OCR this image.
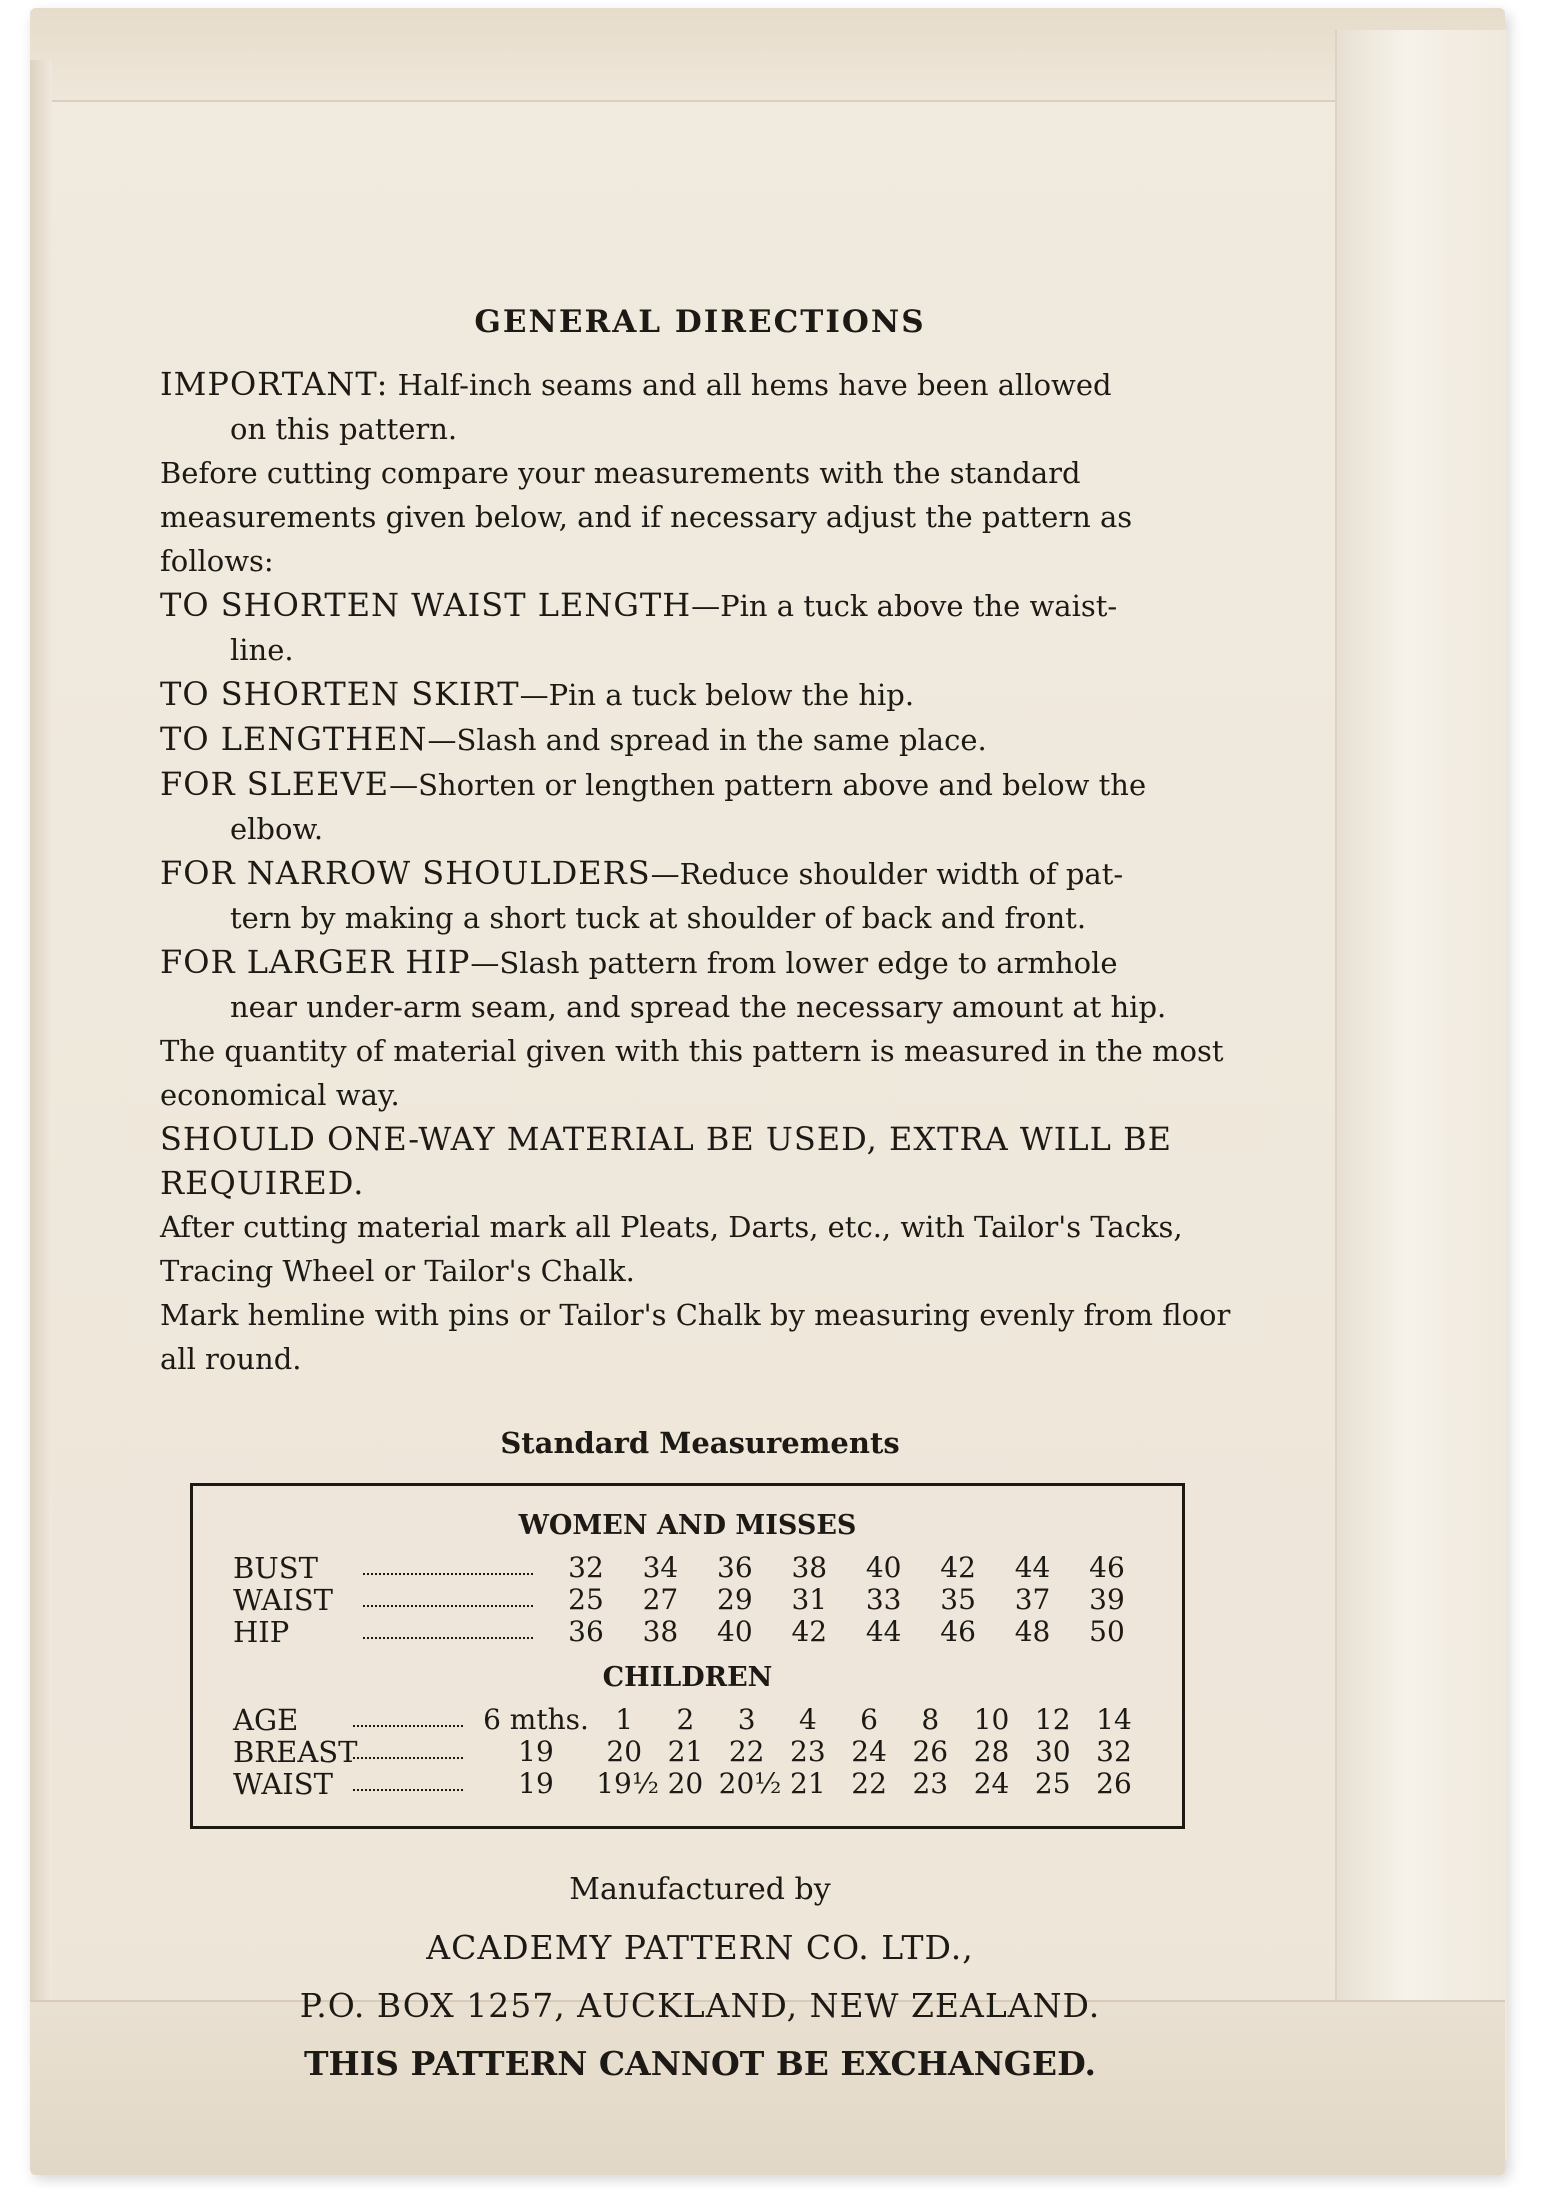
GENERAL DIRECTIONS

IMPORTANT: Half-inch seams and all hems have been allowed

on this pattern.

Before cutting compare your measurements with the standard measurements given below, and if necessary adjust the pattern as follows:

TO SHORTEN WAIST LENGTH—Pin a tuck above the waist-

line.

TO SHORTEN SKIRT—Pin a tuck below the hip.

TO LENGTHEN—Slash and spread in the same place.

FOR SLEEVE—Shorten or lengthen pattern above and below the

elbow.

FOR NARROW SHOULDERS—Reduce shoulder width of pat-

tern by making a short tuck at shoulder of back and front.

FOR LARGER HIP—Slash pattern from lower edge to armhole

near under-arm seam, and spread the necessary amount at hip.

The quantity of material given with this pattern is measured in the most economical way.

SHOULD ONE-WAY MATERIAL BE USED, EXTRA WILL BE REQUIRED.

After cutting material mark all Pleats, Darts, etc., with Tailor's Tacks, Tracing Wheel or Tailor's Chalk.

Mark hemline with pins or Tailor's Chalk by measuring evenly from floor all round.

Standard Measurements
WOMEN AND MISSES
BUST	32	34	36	38	40	42	44	46
WAIST	25	27	29	31	33	35	37	39
HIP	36	38	40	42	44	46	48	50
CHILDREN
AGE	6 mths. 1	2	3	4	6	8	10 12 14
BREAST	19	20 21 22 23 24 26 28 30 32
WAIST	19	19½ 20 20½ 21 22 23 24 25 26
Manufactured by
ACADEMY PATTERN CO. LTD.,
P.O. BOX 1257, AUCKLAND, NEW ZEALAND.
THIS PATTERN CANNOT BE EXCHANGED.
